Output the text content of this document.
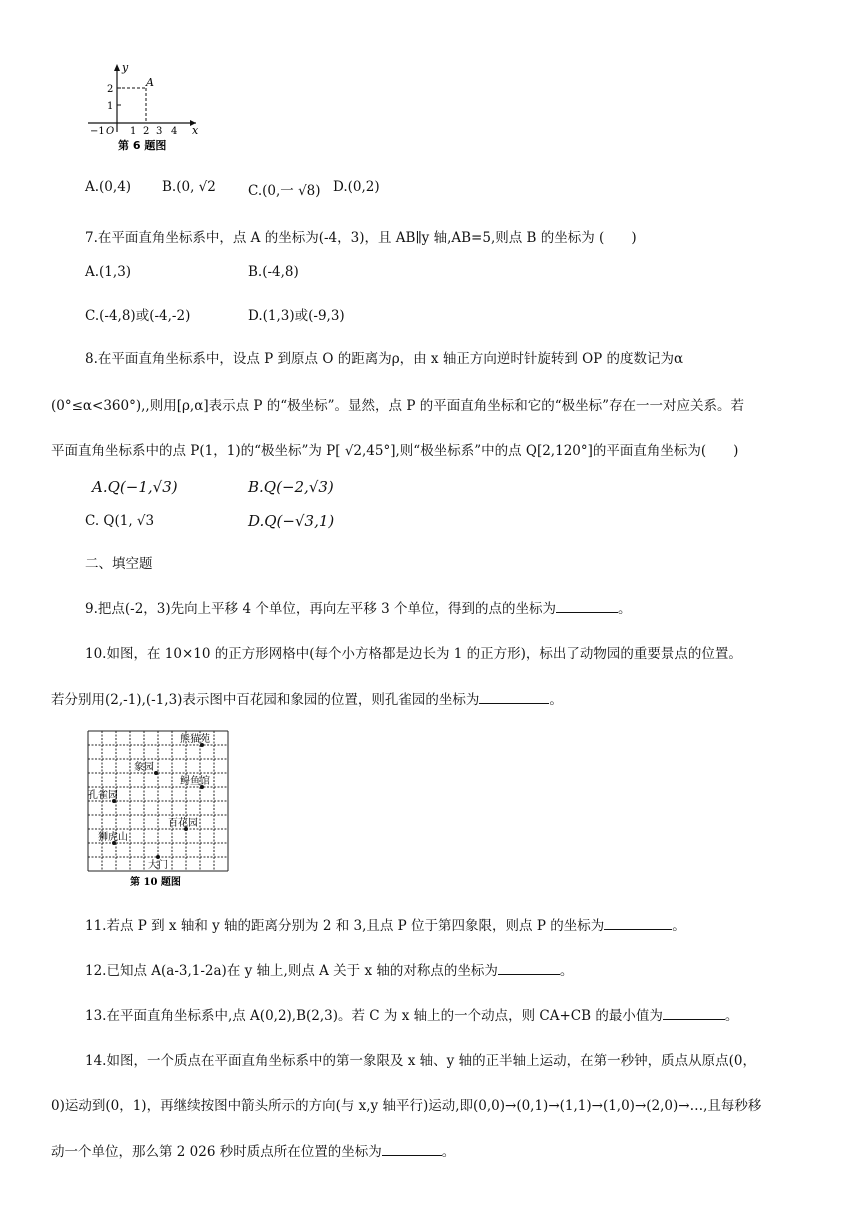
y
x
A
2
1
−1 O 1 2 3 4
第 6 题图
A.(0,4) B.(0, √2 C.(0,一 √8) D.(0,2)
7.在平面直角坐标系中，点 A 的坐标为(-4，3)，且 AB∥y 轴,AB=5,则点 B 的坐标为 (　　)
A.(1,3)	B.(-4,8)
C.(-4,8)或(-4,-2)	D.(1,3)或(-9,3)
8.在平面直角坐标系中，设点 P 到原点 O 的距离为ρ，由 x 轴正方向逆时针旋转到 OP 的度数记为α
(0°≤α<360°),,则用[ρ,α]表示点 P 的“极坐标”。显然，点 P 的平面直角坐标和它的“极坐标”存在一一对应关系。若
平面直角坐标系中的点 P(1，1)的“极坐标”为 P[ √2,45°],则“极坐标系”中的点 Q[2,120°]的平面直角坐标为(　　)
A.Q(−1,√3)	B.Q(−2,√3)
C. Q(1, √3	D.Q(−√3,1)
二、填空题
9.把点(-2，3)先向上平移 4 个单位，再向左平移 3 个单位，得到的点的坐标为	。
10.如图，在 10×10 的正方形网格中(每个小方格都是边长为 1 的正方形)，标出了动物园的重要景点的位置。
若分别用(2,-1),(-1,3)表示图中百花园和象园的位置，则孔雀园的坐标为	。
熊猫苑
象园
鲟鱼馆
孔雀园
百花园
狮虎山
大门
第 10 题图
11.若点 P 到 x 轴和 y 轴的距离分别为 2 和 3,且点 P 位于第四象限，则点 P 的坐标为	。
12.已知点 A(a-3,1-2a)在 y 轴上,则点 A 关于 x 轴的对称点的坐标为	。
13.在平面直角坐标系中,点 A(0,2),B(2,3)。若 C 为 x 轴上的一个动点，则 CA+CB 的最小值为	。
14.如图，一个质点在平面直角坐标系中的第一象限及 x 轴、y 轴的正半轴上运动，在第一秒钟，质点从原点(0，
0)运动到(0，1)，再继续按图中箭头所示的方向(与 x,y 轴平行)运动,即(0,0)→(0,1)→(1,1)→(1,0)→(2,0)→…,且每秒移
动一个单位，那么第 2 026 秒时质点所在位置的坐标为	。
